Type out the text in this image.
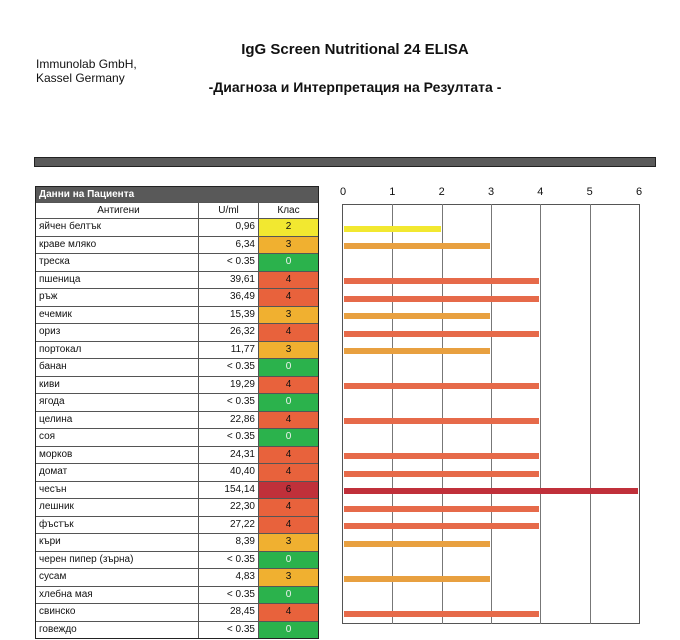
Immunolab GmbH,
Kassel Germany
IgG Screen Nutritional 24 ELISA
-Диагноза и Интерпретация на Резултата -
Данни на Пациента
Антигени	U/ml	Клас
яйчен белтък	0,96	2
краве мляко	6,34	3
треска	< 0.35	0
пшеница	39,61	4
ръж	36,49	4
ечемик	15,39	3
ориз	26,32	4
портокал	11,77	3
банан	< 0.35	0
киви	19,29	4
ягода	< 0.35	0
целина	22,86	4
соя	< 0.35	0
морков	24,31	4
домат	40,40	4
чесън	154,14	6
лешник	22,30	4
фъстък	27,22	4
къри	8,39	3
черен пипер (зърна)	< 0.35	0
сусам	4,83	3
хлебна мая	< 0.35	0
свинско	28,45	4
говеждо	< 0.35	0
0	1	2	3	4	5	6
